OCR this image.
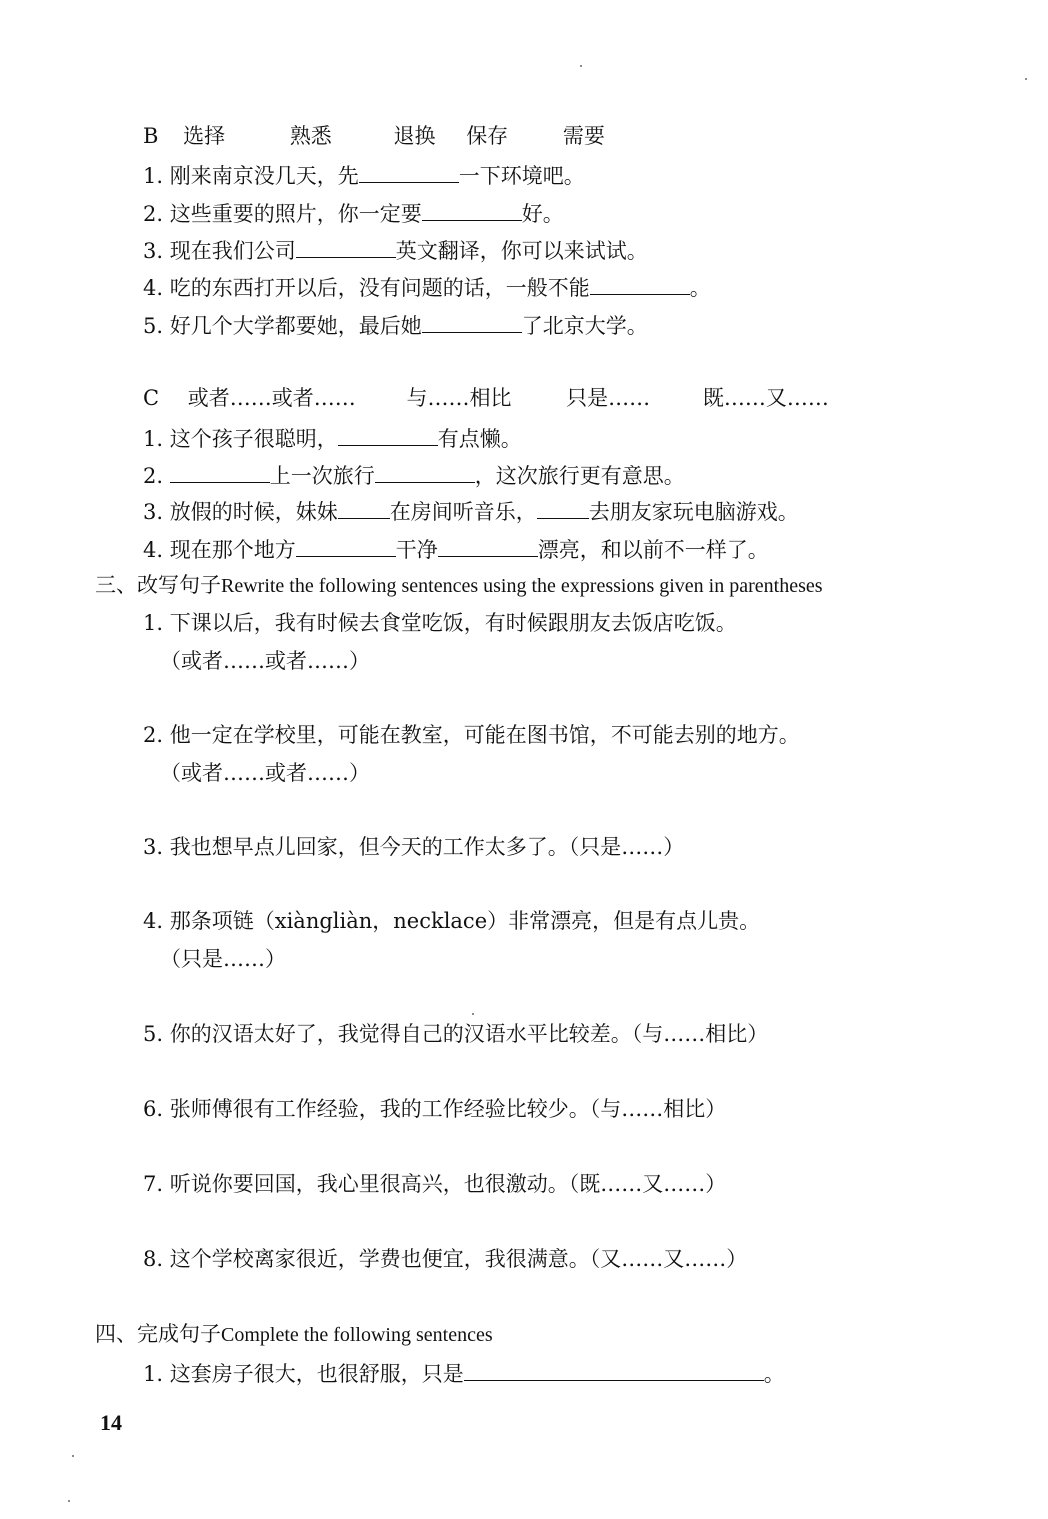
B 选择	熟悉	退换 保存	需要
1. 刚来南京没几天，先	一下环境吧。
2. 这些重要的照片，你一定要	好。
3. 现在我们公司	英文翻译，你可以来试试。
4. 吃的东西打开以后，没有问题的话，一般不能	。
5. 好几个大学都要她，最后她	了北京大学。
C 或者……或者…… 与……相比	只是……	既……又……
1. 这个孩子很聪明，	有点懒。
2.	上一次旅行	，这次旅行更有意思。
3. 放假的时候，妹妹 在房间听音乐， 去朋友家玩电脑游戏。
4. 现在那个地方	干净	漂亮，和以前不一样了。
三、改写句子Rewrite the following sentences using the expressions given in parentheses
1. 下课以后，我有时候去食堂吃饭，有时候跟朋友去饭店吃饭。
（或者……或者……）
2. 他一定在学校里，可能在教室，可能在图书馆，不可能去别的地方。
（或者……或者……）
3. 我也想早点儿回家，但今天的工作太多了。（只是……）
4. 那条项链（xiàngliàn，necklace）非常漂亮，但是有点儿贵。
（只是……）
5. 你的汉语太好了，我觉得自己的汉语水平比较差。（与……相比）
6. 张师傅很有工作经验，我的工作经验比较少。（与……相比）
7. 听说你要回国，我心里很高兴，也很激动。（既……又……）
8. 这个学校离家很近，学费也便宜，我很满意。（又……又……）
四、完成句子Complete the following sentences
1. 这套房子很大，也很舒服，只是	。
14
